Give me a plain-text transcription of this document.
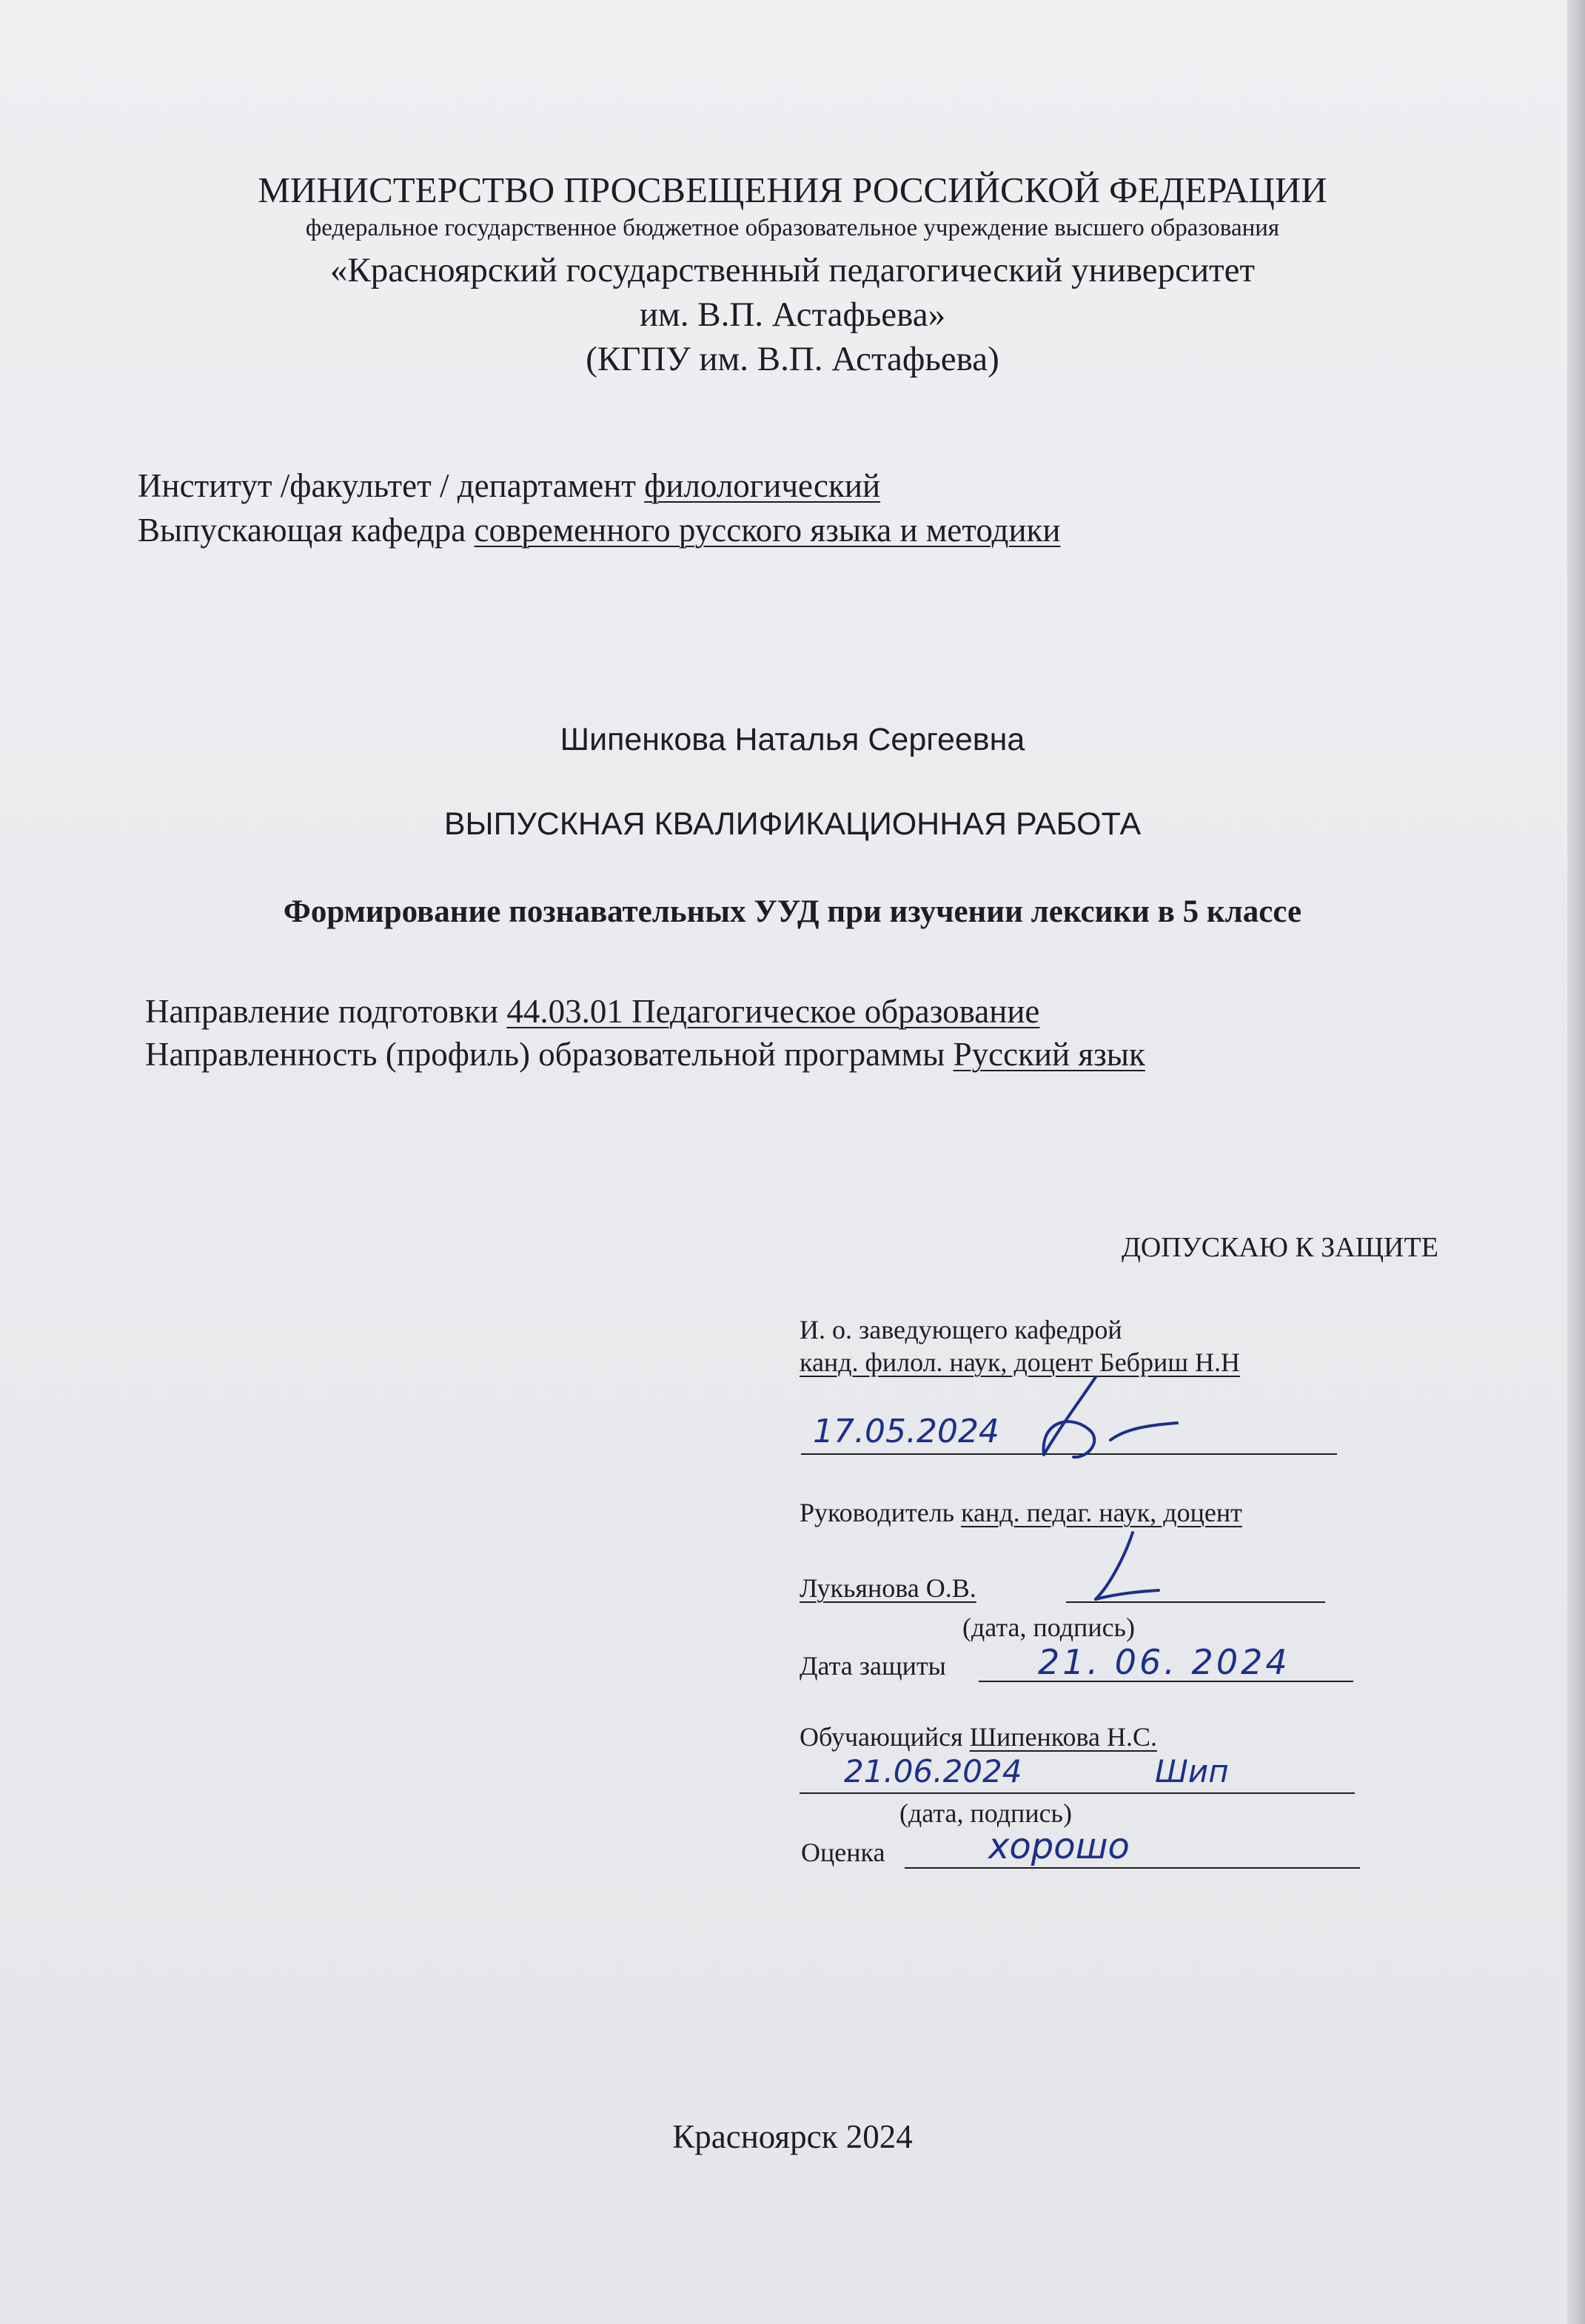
МИНИСТЕРСТВО ПРОСВЕЩЕНИЯ РОССИЙСКОЙ ФЕДЕРАЦИИ
федеральное государственное бюджетное образовательное учреждение высшего образования
«Красноярский государственный педагогический университет
им. В.П. Астафьева»
(КГПУ им. В.П. Астафьева)
Институт /факультет / департамент филологический
Выпускающая кафедра современного русского языка и методики
Шипенкова Наталья Сергеевна
ВЫПУСКНАЯ КВАЛИФИКАЦИОННАЯ РАБОТА
Формирование познавательных УУД при изучении лексики в 5 классе
Направление подготовки 44.03.01 Педагогическое образование
Направленность (профиль) образовательной программы Русский язык
ДОПУСКАЮ К ЗАЩИТЕ
И. о. заведующего кафедрой
канд. филол. наук, доцент Бебриш Н.Н
17.05.2024
Руководитель канд. педаг. наук, доцент
Лукьянова О.В.
(дата, подпись)
Дата защиты	21. 06. 2024
Обучающийся Шипенкова Н.С.
21.06.2024	Шип
(дата, подпись)
Оценка	хорошо
Красноярск 2024
